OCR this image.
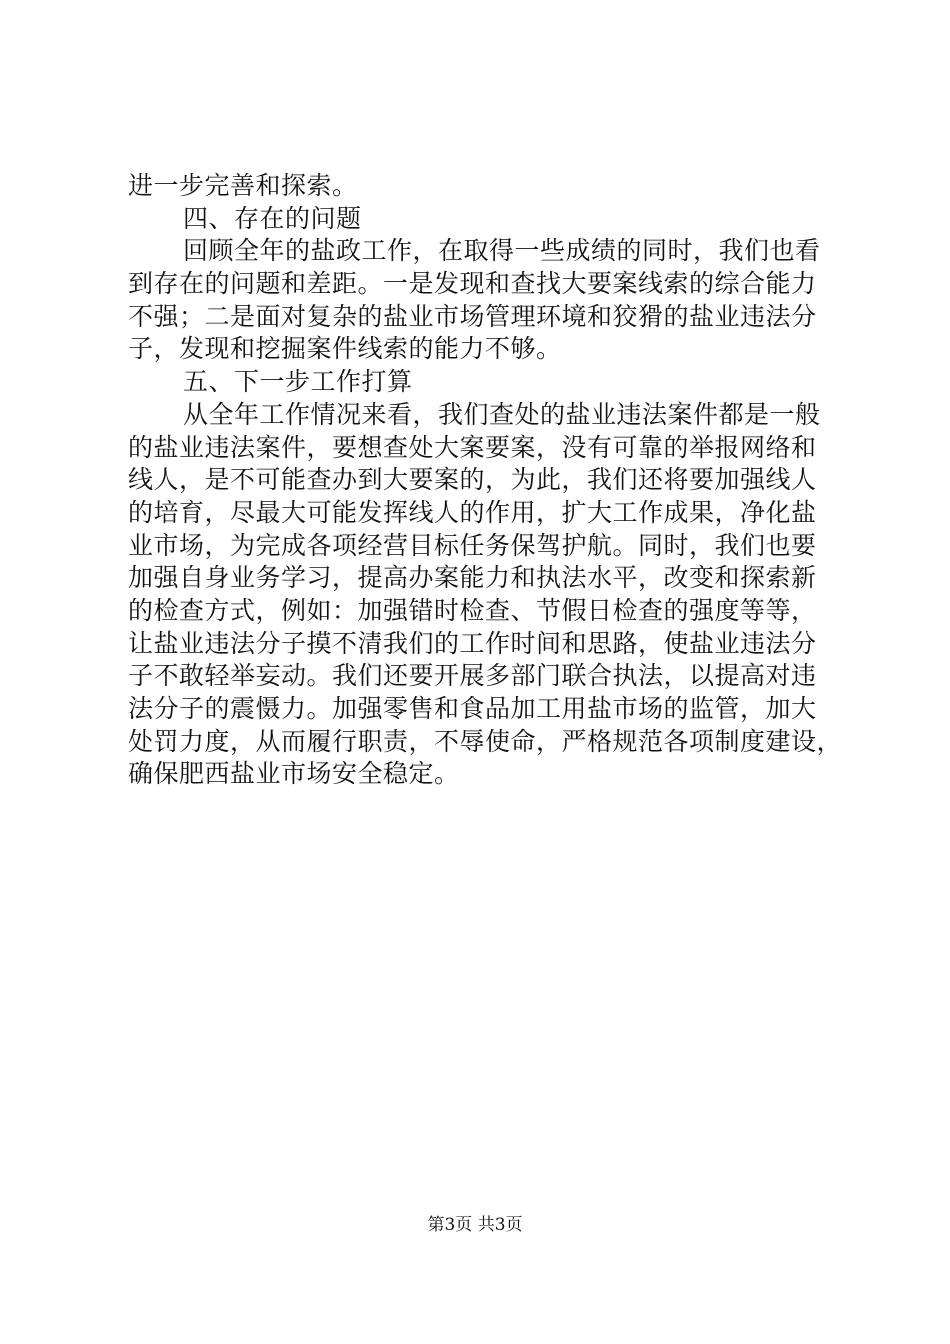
进一步完善和探索。
四、存在的问题
回顾全年的盐政工作，在取得一些成绩的同时，我们也看
到存在的问题和差距。一是发现和查找大要案线索的综合能力
不强；二是面对复杂的盐业市场管理环境和狡猾的盐业违法分
子，发现和挖掘案件线索的能力不够。
五、下一步工作打算
从全年工作情况来看，我们查处的盐业违法案件都是一般
的盐业违法案件，要想查处大案要案，没有可靠的举报网络和
线人，是不可能查办到大要案的，为此，我们还将要加强线人
的培育，尽最大可能发挥线人的作用，扩大工作成果，净化盐
业市场，为完成各项经营目标任务保驾护航。同时，我们也要
加强自身业务学习，提高办案能力和执法水平，改变和探索新
的检查方式，例如：加强错时检查、节假日检查的强度等等，
让盐业违法分子摸不清我们的工作时间和思路，使盐业违法分
子不敢轻举妄动。我们还要开展多部门联合执法，以提高对违
法分子的震慑力。加强零售和食品加工用盐市场的监管，加大
处罚力度，从而履行职责，不辱使命，严格规范各项制度建设，
确保肥西盐业市场安全稳定。
第3页 共3页
